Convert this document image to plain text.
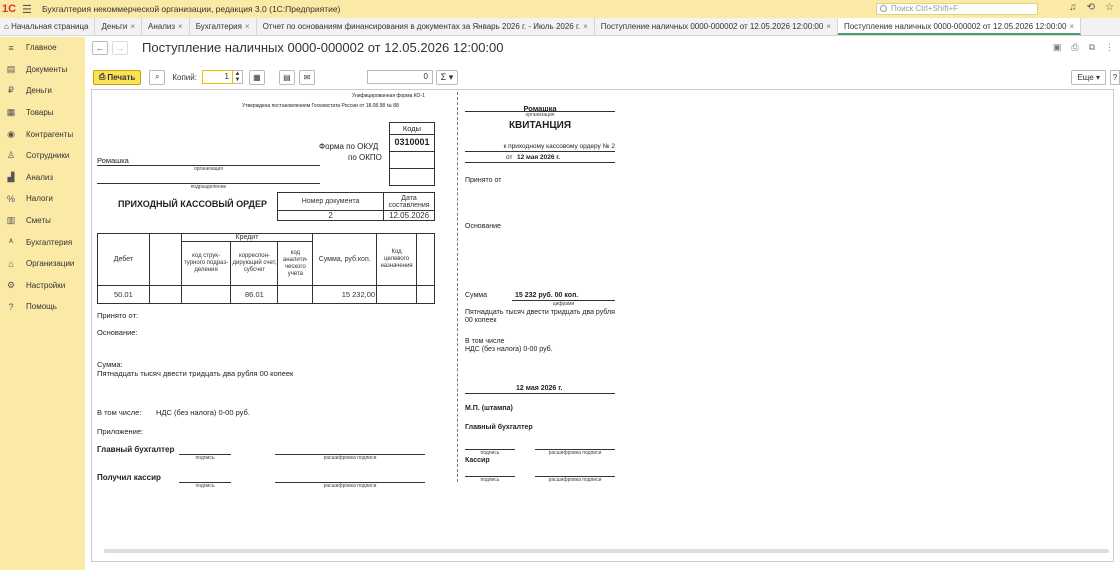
1С ☰	Бухгалтерия некоммерческой организации, редакция 3.0 (1С:Предприятие)	Поиск Ctrl+Shift+F	♫ ⟲ ☆
⌂ Начальная страница	Деньги ×	Анализ ×	Бухгалтерия ×	Отчет по основаниям финансирования в документах за Январь 2026 г. - Июль 2026 г. ×	Поступление наличных 0000-000002 от 12.05.2026 12:00:00 ×	Поступление наличных 0000-000002 от 12.05.2026 12:00:00 ×
≡ Главное
▤ Документы
₽ Деньги
▦ Товары
◉ Контрагенты
♙ Сотрудники
▟ Анализ
% Налоги
▥ Сметы
ᴬ	Бухгалтерия
⌂ Организации
⚙ Настройки
?	Помощь
←	→ Поступление наличных 0000-000002 от 12.05.2026 12:00:00	▣ ⎙ ⧉ ⋮
⎙ Печать ⌕ Копий:	1 ▲
▼	▦	▤ ✉	0	Σ ▾	Еще ▾	?
Унифицированная форма КО-1
Утверждена постановлением Госкомстата России от 18.08.98 № 88
Коды
0310001
Форма по ОКУД
по ОКПО
Ромашка
организация
подразделение
ПРИХОДНЫЙ КАССОВЫЙ ОРДЕР	Номер документа	Дата составления
2	12.05.2026
Дебет		Кредит			Сумма, руб.коп.	Код целевого назначения	
		код струк-турного подраз-деления	корреспон-дирующий счет, субсчет	код аналити-ческого учета			
50.01			86.01		15 232,00		
Принято от:
Основание:
Сумма:
Пятнадцать тысяч двести тридцать два рубля 00 копеек
В том числе: НДС (без налога) 0-00 руб.
Приложение:
Главный бухгалтер
подпись	расшифровка подписи
Получил кассир
подпись	расшифровка подписи
Ромашка
организация
КВИТАНЦИЯ
к приходному кассовому ордеру № 2
от 12 мая 2026 г.
Принято от
Основание
Сумма	15 232 руб. 00 коп.
цифрами
Пятнадцать тысяч двести тридцать два рубля 00 копеек
В том числе
НДС (без налога) 0-00 руб.
12 мая 2026 г.
М.П. (штампа)
Главный бухгалтер
подпись	расшифровка подписи
Кассир
подпись	расшифровка подписи
